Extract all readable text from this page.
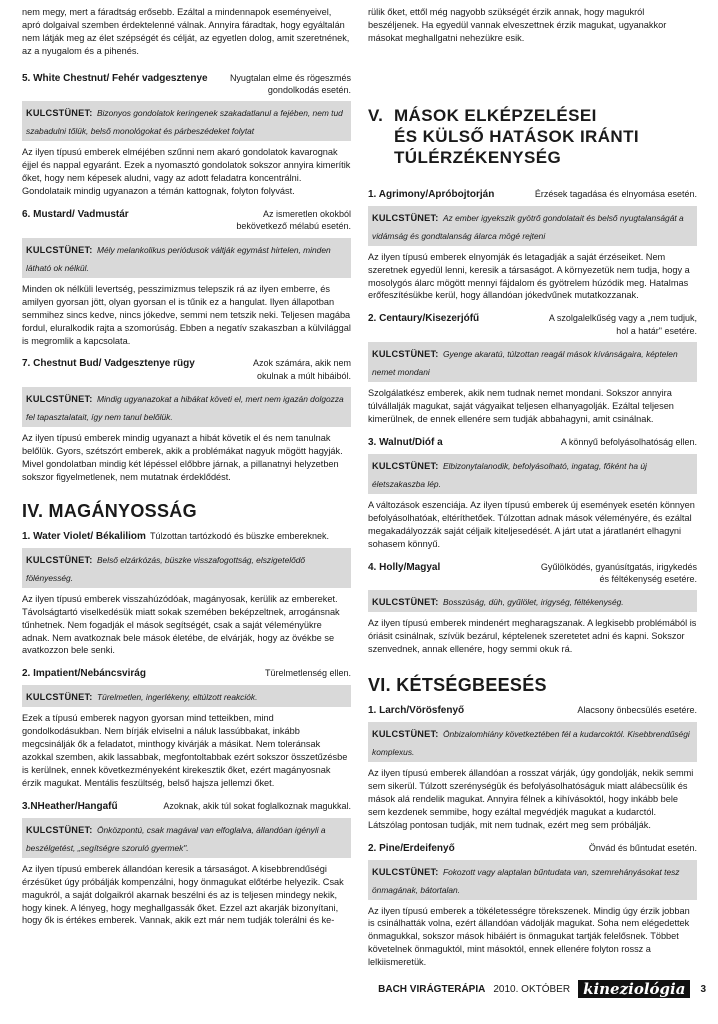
nem megy, mert a fáradtság erősebb. Ezáltal a mindennapok eseményeivel, apró dolgaival szemben érdektelenné válnak. Annyira fáradtak, hogy egyáltalán nem látják meg az élet szépségét és célját, az egyetlen dolog, amit szeretnének, az a nyugalom és a pihenés.

5. White Chestnut/ Fehér vadgesztenye	Nyugtalan elme és rögeszmés gondolkodás esetén.
KULCSTÜNET: Bizonyos gondolatok keringenek szakadatlanul a fejében, nem tud szabadulni tőlük, belső monológokat és párbeszédeket folytat

Az ilyen típusú emberek elméjében szűnni nem akaró gondolatok kavarognak éjjel és nappal egyaránt. Ezek a nyomasztó gondolatok sokszor annyira kimerítik őket, hogy nem képesek aludni, vagy az adott feladatra koncentrálni. Gondolataik mindig ugyanazon a témán kattognak, folyton folyvást.

6. Mustard/ Vadmustár	Az ismeretlen okokból bekövetkező mélabú esetén.
KULCSTÜNET: Mély melankolikus periódusok váltják egymást hirtelen, minden látható ok nélkül.

Minden ok nélküli levertség, pesszimizmus telepszik rá az ilyen emberre, és amilyen gyorsan jött, olyan gyorsan el is tűnik ez a hangulat. Ilyen állapotban semmihez sincs kedve, nincs jókedve, semmi nem tetszik neki. Teljesen magába fordul, eluralkodik rajta a szomorúság. Ebben a negatív szakaszban a külvilággal is megromlik a kapcsolata.

7. Chestnut Bud/ Vadgesztenye rügy	Azok számára, akik nem okulnak a múlt hibáiból.
KULCSTÜNET: Mindig ugyanazokat a hibákat követi el, mert nem igazán dolgozza fel tapasztalatait, így nem tanul belőlük.

Az ilyen típusú emberek mindig ugyanazt a hibát követik el és nem tanulnak belőlük. Gyors, szétszórt emberek, akik a problémákat nagyuk mögött hagyják. Mivel gondolatban mindig két lépéssel előbbre járnak, a pillanatnyi helyzetben sokszor figyelmetlenek, nem mutatnak érdeklődést.

IV. MAGÁNYOSSÁG
1. Water Violet/ Békaliliom Túlzottan tartózkodó és büszke embereknek.
KULCSTÜNET: Belső elzárkózás, büszke visszafogottság, elszigetelődő fölényesség.

Az ilyen típusú emberek visszahúzódóak, magányosak, kerülik az embereket. Távolságtartó viselkedésük miatt sokak szemében beképzeltnek, arrogánsnak tűnhetnek. Nem fogadják el mások segítségét, csak a saját véleményükre adnak. Nem avatkoznak bele mások életébe, de elvárják, hogy az övékbe se avatkozzon bele senki.

2. Impatient/Nebáncsvirág	Türelmetlenség ellen.
KULCSTÜNET: Türelmetlen, ingerlékeny, eltúlzott reakciók.

Ezek a típusú emberek nagyon gyorsan mind tetteikben, mind gondolkodásukban. Nem bírják elviselni a náluk lassúbbakat, inkább megcsinálják ők a feladatot, minthogy kivárják a másikat. Nem toleránsak azokkal szemben, akik lassabbak, megfontoltabbak ezért sokszor összetűzésbe is kerülnek, ennek következményeként kirekesztik őket, ezért magányosnak érzik magukat. Mentális feszültség, belső hajsza jellemzi őket.

3.NHeather/Hangafű	Azoknak, akik túl sokat foglalkoznak magukkal.
KULCSTÜNET: Önközpontú, csak magával van elfoglalva, állandóan igényli a beszélgetést, „segítségre szoruló gyermek".

Az ilyen típusú emberek állandóan keresik a társaságot. A kisebbrendűségi érzésüket úgy próbálják kompenzálni, hogy önmagukat előtérbe helyezik. Csak magukról, a saját dolgaikról akarnak beszélni és az is teljesen mindegy nekik, hogy kinek. A lényeg, hogy meghallgassák őket. Ezzel azt akarják bizonyítani, hogy ők is értékes emberek. Vannak, akik ezt már nem tudják tolerálni és ke-

rülik őket, ettől még nagyobb szükségét érzik annak, hogy magukról beszéljenek. Ha egyedül vannak elveszettnek érzik magukat, ugyanakkor másokat meghallgatni nehezükre esik.

V. MÁSOK ELKÉPZELÉSEI
ÉS KÜLSŐ HATÁSOK IRÁNTI
TÚLÉRZÉKENYSÉG
1. Agrimony/Apróbojtorján	Érzések tagadása és elnyomása esetén.
KULCSTÜNET: Az ember igyekszik gyötrő gondolatait és belső nyugtalanságát a vidámság és gondtalanság álarca mögé rejteni

Az ilyen típusú emberek elnyomják és letagadják a saját érzéseiket. Nem szeretnek egyedül lenni, keresik a társaságot. A környezetük nem tudja, hogy a mosolygós álarc mögött mennyi fájdalom és gyötrelem húzódik meg. Hatalmas erőfeszítésükbe kerül, hogy állandóan jókedvűnek mutatkozzanak.

2. Centaury/Kisezerjófű	A szolgalelkűség vagy a „nem tudjuk, hol a határ" esetére.
KULCSTÜNET: Gyenge akaratú, túlzottan reagál mások kívánságaira, képtelen nemet mondani

Szolgálatkész emberek, akik nem tudnak nemet mondani. Sokszor annyira túlvállalják magukat, saját vágyaikat teljesen elhanyagolják. Ezáltal teljesen kimerülnek, de ennek ellenére sem tudják abbahagyni, amit csinálnak.

3. Walnut/Dióf a	A könnyű befolyásolhatóság ellen.
KULCSTÜNET: Elbizonytalanodik, befolyásolható, ingatag, főként ha új életszakaszba lép.

A változások eszenciája. Az ilyen típusú emberek új események esetén könnyen befolyásolhatóak, eltéríthetőek. Túlzottan adnak mások véleményére, és ezáltal megakadályozzák saját céljaik kiteljesedését. A járt utat a járatlanért elhagyni sohasem könnyű.

4. Holly/Magyal	Gyűlölködés, gyanúsítgatás, irigykedés és féltékenység esetére.
KULCSTÜNET: Bosszúság, düh, gyűlölet, irigység, féltékenység.

Az ilyen típusú emberek mindenért megharagszanak. A legkisebb problémából is óriásit csinálnak, szívük bezárul, képtelenek szeretetet adni és kapni. Sokszor szenvednek, annak ellenére, hogy semmi okuk rá.

VI. KÉTSÉGBEESÉS
1. Larch/Vörösfenyő	Alacsony önbecsülés esetére.
KULCSTÜNET: Önbizalomhiány következtében fél a kudarcoktól. Kisebbrendűségi komplexus.

Az ilyen típusú emberek állandóan a rosszat várják, úgy gondolják, nekik semmi sem sikerül. Túlzott szerénységük és befolyásolhatóságuk miatt alábecsülik és mások alá rendelik magukat. Annyira félnek a kihívásoktól, hogy inkább bele sem kezdenek semmibe, hogy ezáltal megvédjék magukat a kudarctól. Látszólag pontosan tudják, mit nem tudnak, ezért meg sem próbálják.

2. Pine/Erdeifenyő	Önvád és bűntudat esetén.
KULCSTÜNET: Fokozott vagy alaptalan bűntudata van, szemrehányásokat tesz önmagának, bátortalan.

Az ilyen típusú emberek a tökéletességre törekszenek. Mindig úgy érzik jobban is csinálhatták volna, ezért állandóan vádolják magukat. Soha nem elégedettek önmagukkal, sokszor mások hibáiért is önmagukat tartják felelősnek. Többet követelnek önmaguktól, mint másoktól, ennek ellenére folyton rossz a lelkiismeretük.

BACH VIRÁGTERÁPIA 2010. OKTÓBER kineziológia	3
